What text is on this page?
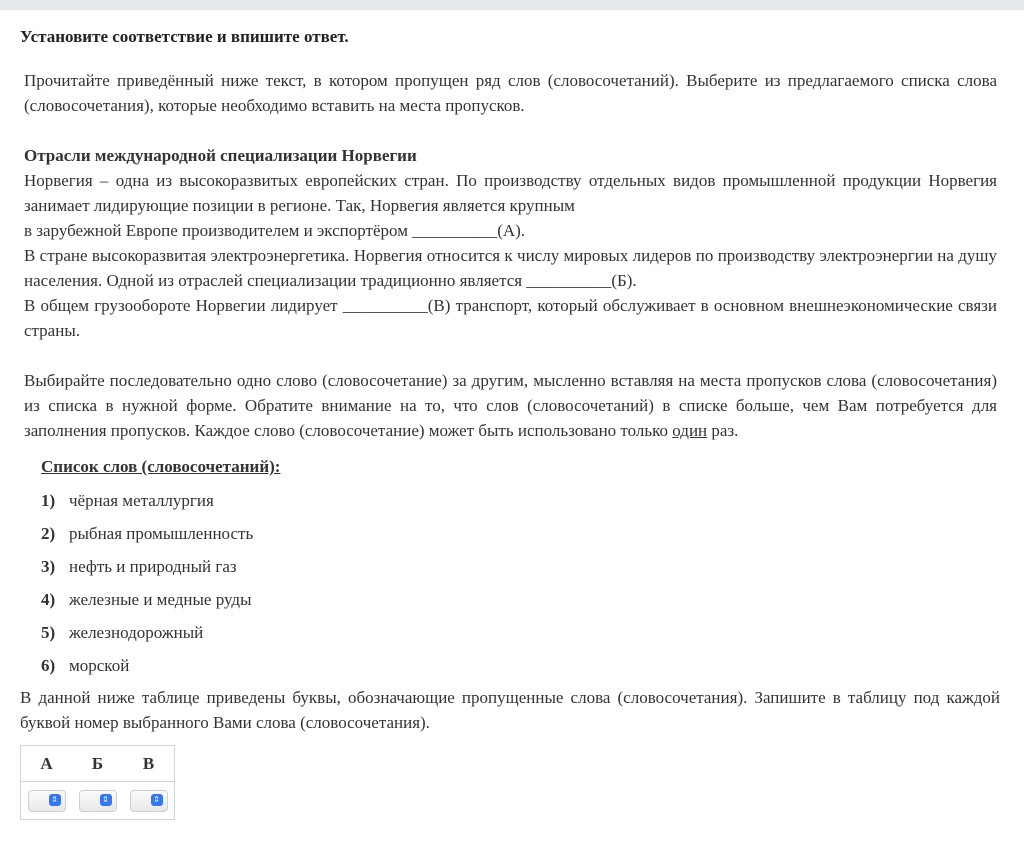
Установите соответствие и впишите ответ.

Прочитайте приведённый ниже текст, в котором пропущен ряд слов (словосочетаний). Выберите из предлагаемого списка слова (словосочетания), которые необходимо вставить на места пропусков.

Отрасли международной специализации Норвегии

Норвегия – одна из высокоразвитых европейских стран. По производству отдельных видов промышленной продукции Норвегия занимает лидирующие позиции в регионе. Так, Норвегия является крупным

в зарубежной Европе производителем и экспортёром __________(А).

В стране высокоразвитая электроэнергетика. Норвегия относится к числу мировых лидеров по производству электроэнергии на душу населения. Одной из отраслей специализации традиционно является __________(Б).

В общем грузообороте Норвегии лидирует __________(В) транспорт, который обслуживает в основном внешнеэкономические связи страны.

Выбирайте последовательно одно слово (словосочетание) за другим, мысленно вставляя на места пропусков слова (словосочетания) из списка в нужной форме. Обратите внимание на то, что слов (словосочетаний) в списке больше, чем Вам потребуется для заполнения пропусков. Каждое слово (словосочетание) может быть использовано только один раз.

Список слов (словосочетаний):
1) чёрная металлургия
2) рыбная промышленность
3) нефть и природный газ
4) железные и медные руды
5) железнодорожный
6) морской
В данной ниже таблице приведены буквы, обозначающие пропущенные слова (словосочетания). Запишите в таблицу под каждой буквой номер выбранного Вами слова (словосочетания).
А	Б	В

⇕	⇕	⇕
